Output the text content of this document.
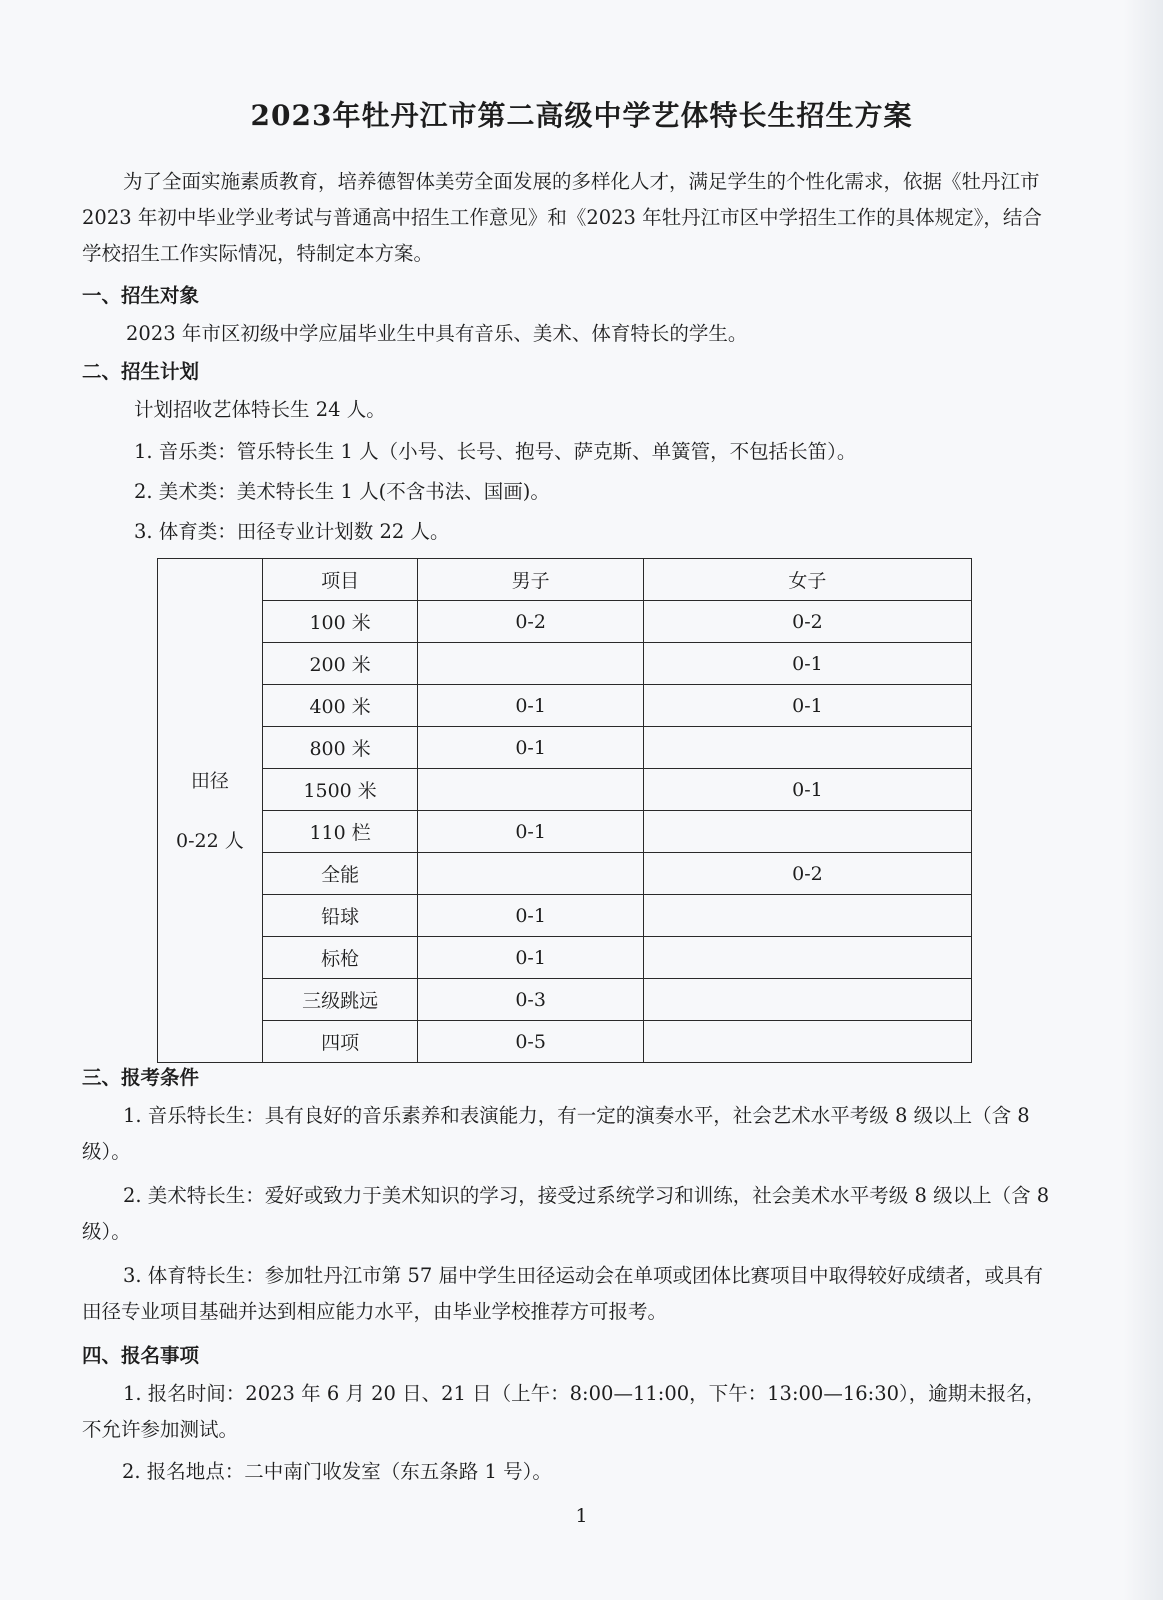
2023年牡丹江市第二高级中学艺体特长生招生方案
为了全面实施素质教育，培养德智体美劳全面发展的多样化人才，满足学生的个性化需求，依据《牡丹江市 2023 年初中毕业学业考试与普通高中招生工作意见》和《2023 年牡丹江市区中学招生工作的具体规定》，结合学校招生工作实际情况，特制定本方案。
一、招生对象
2023 年市区初级中学应届毕业生中具有音乐、美术、体育特长的学生。
二、招生计划
计划招收艺体特长生 24 人。
1. 音乐类：管乐特长生 1 人（小号、长号、抱号、萨克斯、单簧管，不包括长笛）。
2. 美术类：美术特长生 1 人(不含书法、国画)。
3. 体育类：田径专业计划数 22 人。
田径
0-22 人	项目	男子	女子
	100 米	0-2	0-2
	200 米		0-1
	400 米	0-1	0-1
	800 米	0-1	
	1500 米		0-1
	110 栏	0-1	
	全能		0-2
	铅球	0-1	
	标枪	0-1	
	三级跳远	0-3	
	四项	0-5	
三、报考条件
1. 音乐特长生：具有良好的音乐素养和表演能力，有一定的演奏水平，社会艺术水平考级 8 级以上（含 8 级）。
2. 美术特长生：爱好或致力于美术知识的学习，接受过系统学习和训练，社会美术水平考级 8 级以上（含 8 级）。
3. 体育特长生：参加牡丹江市第 57 届中学生田径运动会在单项或团体比赛项目中取得较好成绩者，或具有田径专业项目基础并达到相应能力水平，由毕业学校推荐方可报考。
四、报名事项
1. 报名时间：2023 年 6 月 20 日、21 日（上午：8:00—11:00，下午：13:00—16:30），逾期未报名，不允许参加测试。
2. 报名地点：二中南门收发室（东五条路 1 号）。
1
